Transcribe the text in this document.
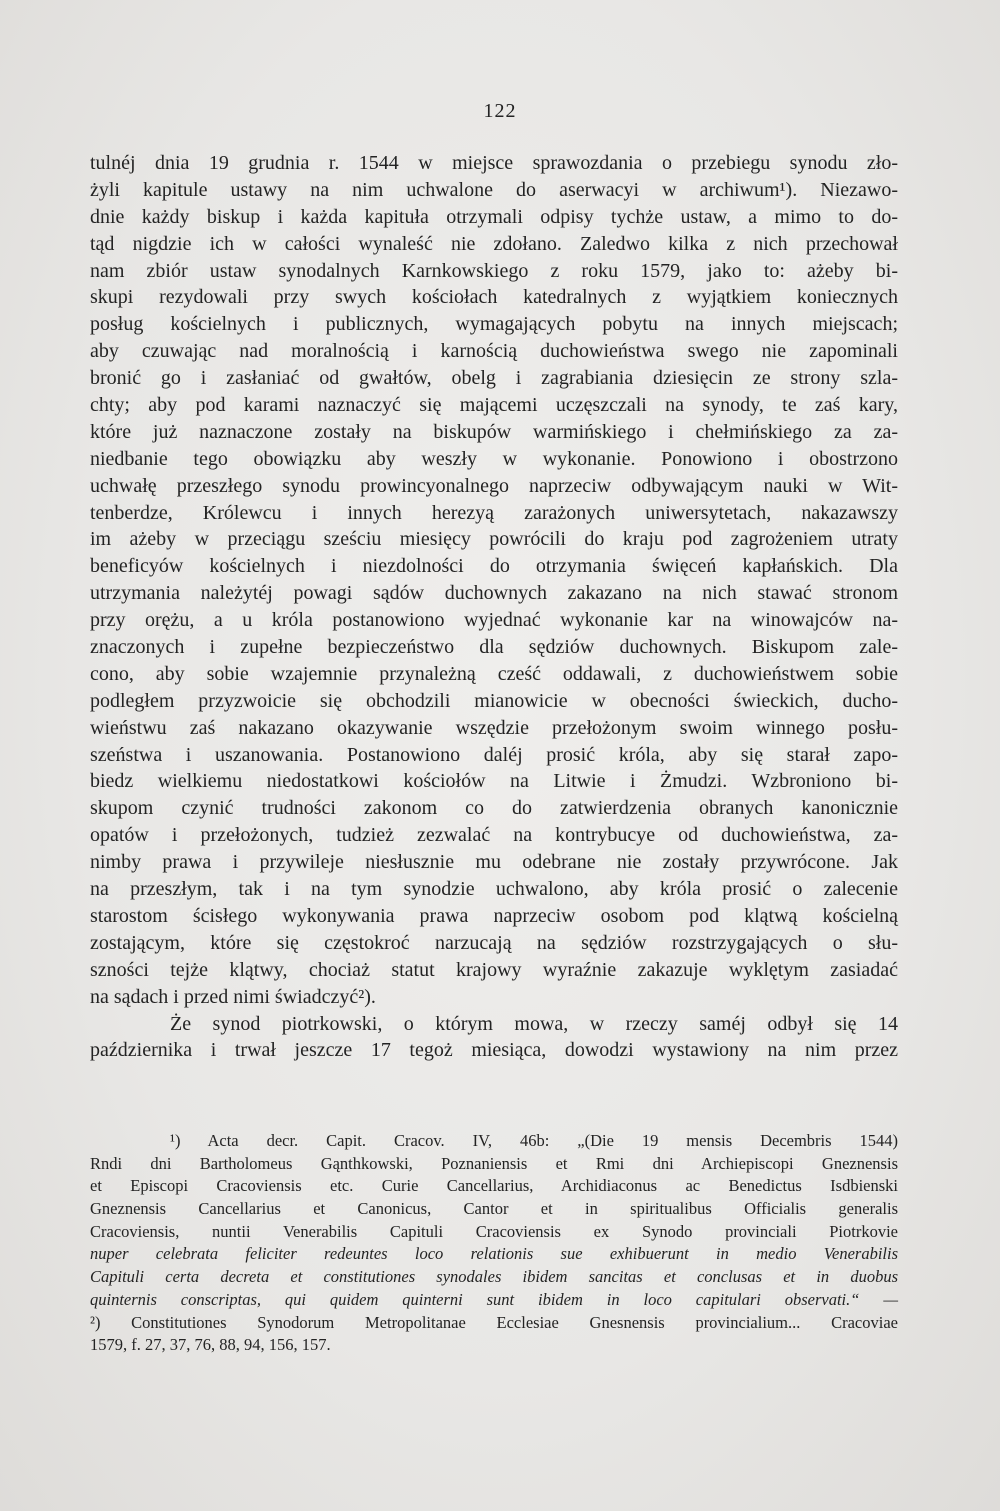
122
tulnéj dnia 19 grudnia r. 1544 w miejsce sprawozdania o przebiegu synodu zło-
żyli kapitule ustawy na nim uchwalone do aserwacyi w archiwum¹). Niezawo-
dnie każdy biskup i każda kapituła otrzymali odpisy tychże ustaw, a mimo to do-
tąd nigdzie ich w całości wynaleść nie zdołano. Zaledwo kilka z nich przechował
nam zbiór ustaw synodalnych Karnkowskiego z roku 1579, jako to: ażeby bi-
skupi rezydowali przy swych kościołach katedralnych z wyjątkiem koniecznych
posług kościelnych i publicznych, wymagających pobytu na innych miejscach;
aby czuwając nad moralnością i karnością duchowieństwa swego nie zapominali
bronić go i zasłaniać od gwałtów, obelg i zagrabiania dziesięcin ze strony szla-
chty; aby pod karami naznaczyć się mającemi uczęszczali na synody, te zaś kary,
które już naznaczone zostały na biskupów warmińskiego i chełmińskiego za za-
niedbanie tego obowiązku aby weszły w wykonanie. Ponowiono i obostrzono
uchwałę przeszłego synodu prowincyonalnego naprzeciw odbywającym nauki w Wit-
tenberdze, Królewcu i innych herezyą zarażonych uniwersytetach, nakazawszy
im ażeby w przeciągu sześciu miesięcy powrócili do kraju pod zagrożeniem utraty
beneficyów kościelnych i niezdolności do otrzymania święceń kapłańskich. Dla
utrzymania należytéj powagi sądów duchownych zakazano na nich stawać stronom
przy orężu, a u króla postanowiono wyjednać wykonanie kar na winowajców na-
znaczonych i zupełne bezpieczeństwo dla sędziów duchownych. Biskupom zale-
cono, aby sobie wzajemnie przynależną cześć oddawali, z duchowieństwem sobie
podległem przyzwoicie się obchodzili mianowicie w obecności świeckich, ducho-
wieństwu zaś nakazano okazywanie wszędzie przełożonym swoim winnego posłu-
szeństwa i uszanowania. Postanowiono daléj prosić króla, aby się starał zapo-
biedz wielkiemu niedostatkowi kościołów na Litwie i Żmudzi. Wzbroniono bi-
skupom czynić trudności zakonom co do zatwierdzenia obranych kanonicznie
opatów i przełożonych, tudzież zezwalać na kontrybucye od duchowieństwa, za-
nimby prawa i przywileje niesłusznie mu odebrane nie zostały przywrócone. Jak
na przeszłym, tak i na tym synodzie uchwalono, aby króla prosić o zalecenie
starostom ścisłego wykonywania prawa naprzeciw osobom pod klątwą kościelną
zostającym, które się częstokroć narzucają na sędziów rozstrzygających o słu-
szności tejże klątwy, chociaż statut krajowy wyraźnie zakazuje wyklętym zasiadać
na sądach i przed nimi świadczyć²).
Że synod piotrkowski, o którym mowa, w rzeczy saméj odbył się 14
października i trwał jeszcze 17 tegoż miesiąca, dowodzi wystawiony na nim przez
¹) Acta decr. Capit. Cracov. IV, 46b: „(Die 19 mensis Decembris 1544)
Rndi dni Bartholomeus Gąnthkowski, Poznaniensis et Rmi dni Archiepiscopi Gneznensis
et Episcopi Cracoviensis etc. Curie Cancellarius, Archidiaconus ac Benedictus Isdbienski
Gneznensis Cancellarius et Canonicus, Cantor et in spiritualibus Officialis generalis
Cracoviensis, nuntii Venerabilis Capituli Cracoviensis ex Synodo provinciali Piotrkovie
nuper celebrata feliciter redeuntes loco relationis sue exhibuerunt in medio Venerabilis
Capituli certa decreta et constitutiones synodales ibidem sancitas et conclusas et in duobus
quinternis conscriptas, qui quidem quinterni sunt ibidem in loco capitulari observati.“ —
²) Constitutiones Synodorum Metropolitanae Ecclesiae Gnesnensis provincialium... Cracoviae
1579, f. 27, 37, 76, 88, 94, 156, 157.
